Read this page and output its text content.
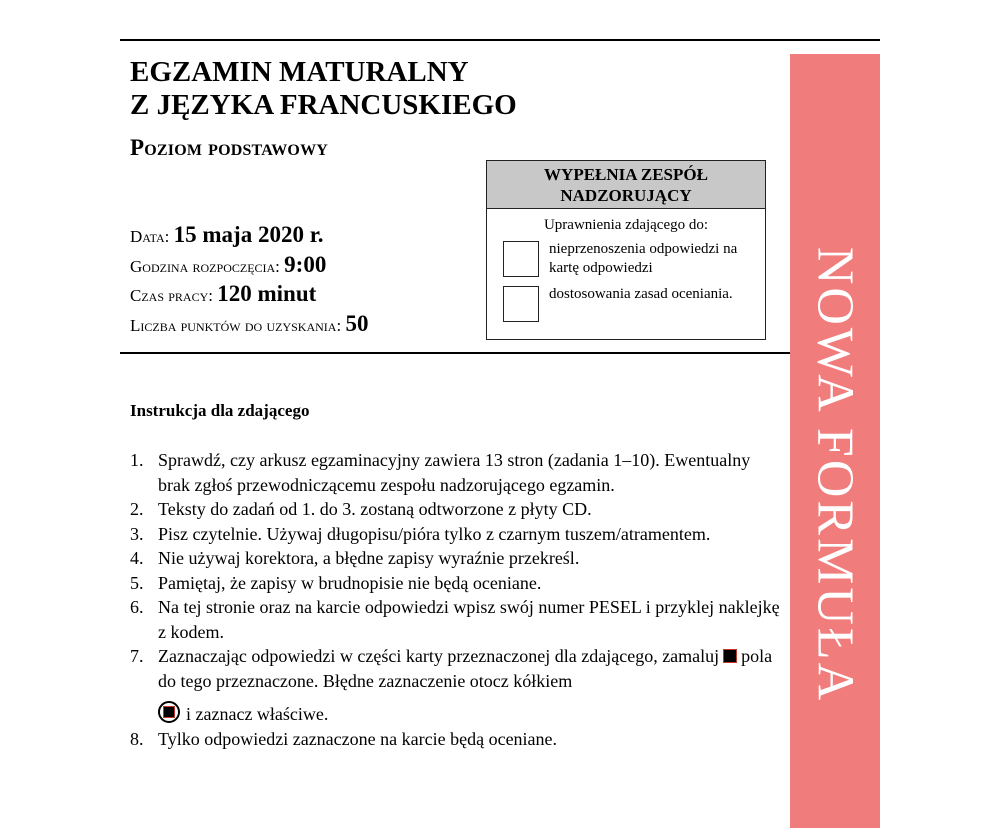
EGZAMIN MATURALNY
Z JĘZYKA FRANCUSKIEGO
Poziom podstawowy
Data: 15 maja 2020 r.
Godzina rozpoczęcia: 9:00
Czas pracy: 120 minut
Liczba punktów do uzyskania: 50
WYPEŁNIA ZESPÓŁ
NADZORUJĄCY
Uprawnienia zdającego do:
nieprzenoszenia odpowiedzi na kartę odpowiedzi
dostosowania zasad oceniania.	NOWA FORMUŁA
Instrukcja dla zdającego
1. Sprawdź, czy arkusz egzaminacyjny zawiera 13 stron (zadania 1–10). Ewentualny brak zgłoś przewodniczącemu zespołu nadzorującego egzamin.
2. Teksty do zadań od 1. do 3. zostaną odtworzone z płyty CD.
3. Pisz czytelnie. Używaj długopisu/pióra tylko z czarnym tuszem/atramentem.
4. Nie używaj korektora, a błędne zapisy wyraźnie przekreśl.
5. Pamiętaj, że zapisy w brudnopisie nie będą oceniane.
6. Na tej stronie oraz na karcie odpowiedzi wpisz swój numer PESEL i przyklej naklejkę z kodem.
7. Zaznaczając odpowiedzi w części karty przeznaczonej dla zdającego, zamaluj pola do tego przeznaczone. Błędne zaznaczenie otocz kółkiem
i zaznacz właściwe.
8. Tylko odpowiedzi zaznaczone na karcie będą oceniane.
